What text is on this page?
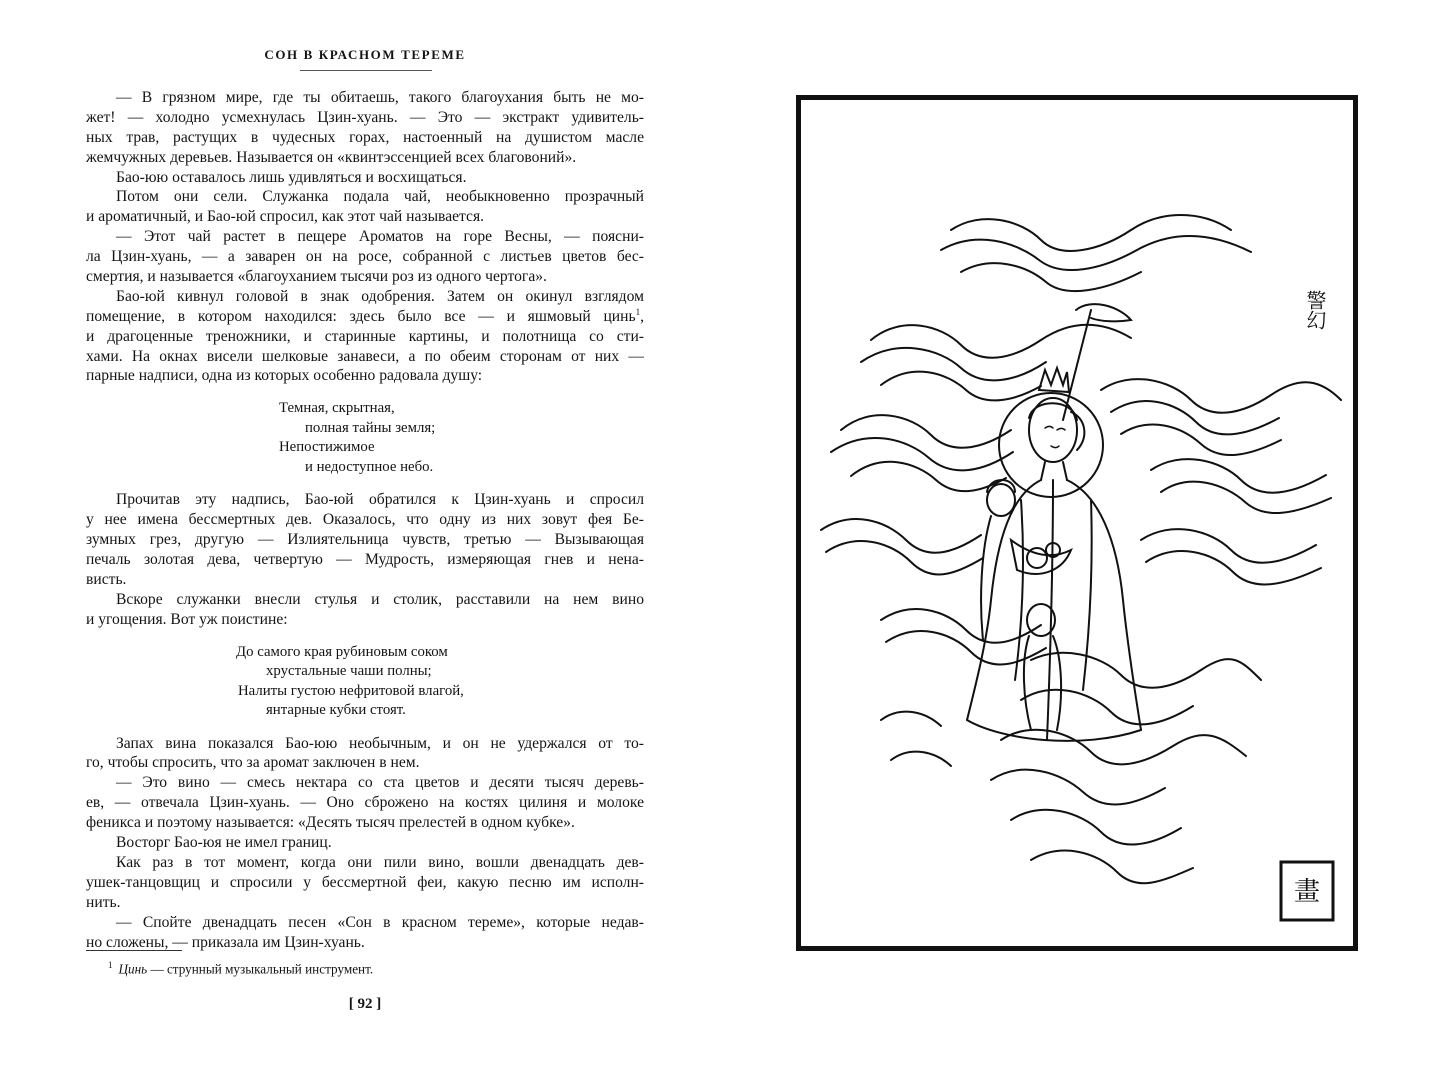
СОН В КРАСНОМ ТЕРЕМЕ
— В грязном мире, где ты обитаешь, такого благоухания быть не мо-
жет! — холодно усмехнулась Цзин-хуань. — Это — экстракт удивитель-
ных трав, растущих в чудесных горах, настоенный на душистом масле
жемчужных деревьев. Называется он «квинтэссенцией всех благовоний».
Бао-юю оставалось лишь удивляться и восхищаться.
Потом они сели. Служанка подала чай, необыкновенно прозрачный
и ароматичный, и Бао-юй спросил, как этот чай называется.
— Этот чай растет в пещере Ароматов на горе Весны, — поясни-
ла Цзин-хуань, — а заварен он на росе, собранной с листьев цветов бес-
смертия, и называется «благоуханием тысячи роз из одного чертога».
Бао-юй кивнул головой в знак одобрения. Затем он окинул взглядом
помещение, в котором находился: здесь было все — и яшмовый цинь$^1$,
и драгоценные треножники, и старинные картины, и полотнища со сти-
хами. На окнах висели шелковые занавеси, а по обеим сторонам от них —
парные надписи, одна из которых особенно радовала душу:
Темная, скрытная,
полная тайны земля;
Непостижимое
и недоступное небо.
Прочитав эту надпись, Бао-юй обратился к Цзин-хуань и спросил
у нее имена бессмертных дев. Оказалось, что одну из них зовут фея Бе-
зумных грез, другую — Излиятельница чувств, третью — Вызывающая
печаль золотая дева, четвертую — Мудрость, измеряющая гнев и нена-
висть.
Вскоре служанки внесли стулья и столик, расставили на нем вино
и угощения. Вот уж поистине:
До самого края рубиновым соком
хрустальные чаши полны;
Налиты густою нефритовой влагой,
янтарные кубки стоят.
Запах вина показался Бао-юю необычным, и он не удержался от то-
го, чтобы спросить, что за аромат заключен в нем.
— Это вино — смесь нектара со ста цветов и десяти тысяч деревь-
ев, — отвечала Цзин-хуань. — Оно сброжено на костях цилиня и молоке
феникса и поэтому называется: «Десять тысяч прелестей в одном кубке».
Восторг Бао-юя не имел границ.
Как раз в тот момент, когда они пили вино, вошли двенадцать дев-
ушек-танцовщиц и спросили у бессмертной феи, какую песню им исполн-
нить.
— Спойте двенадцать песен «Сон в красном тереме», которые недав-
но сложены, — приказала им Цзин-хуань.
$^1$ Цинь — струнный музыкальный инструмент.
[ 92 ]
畫
警幻
